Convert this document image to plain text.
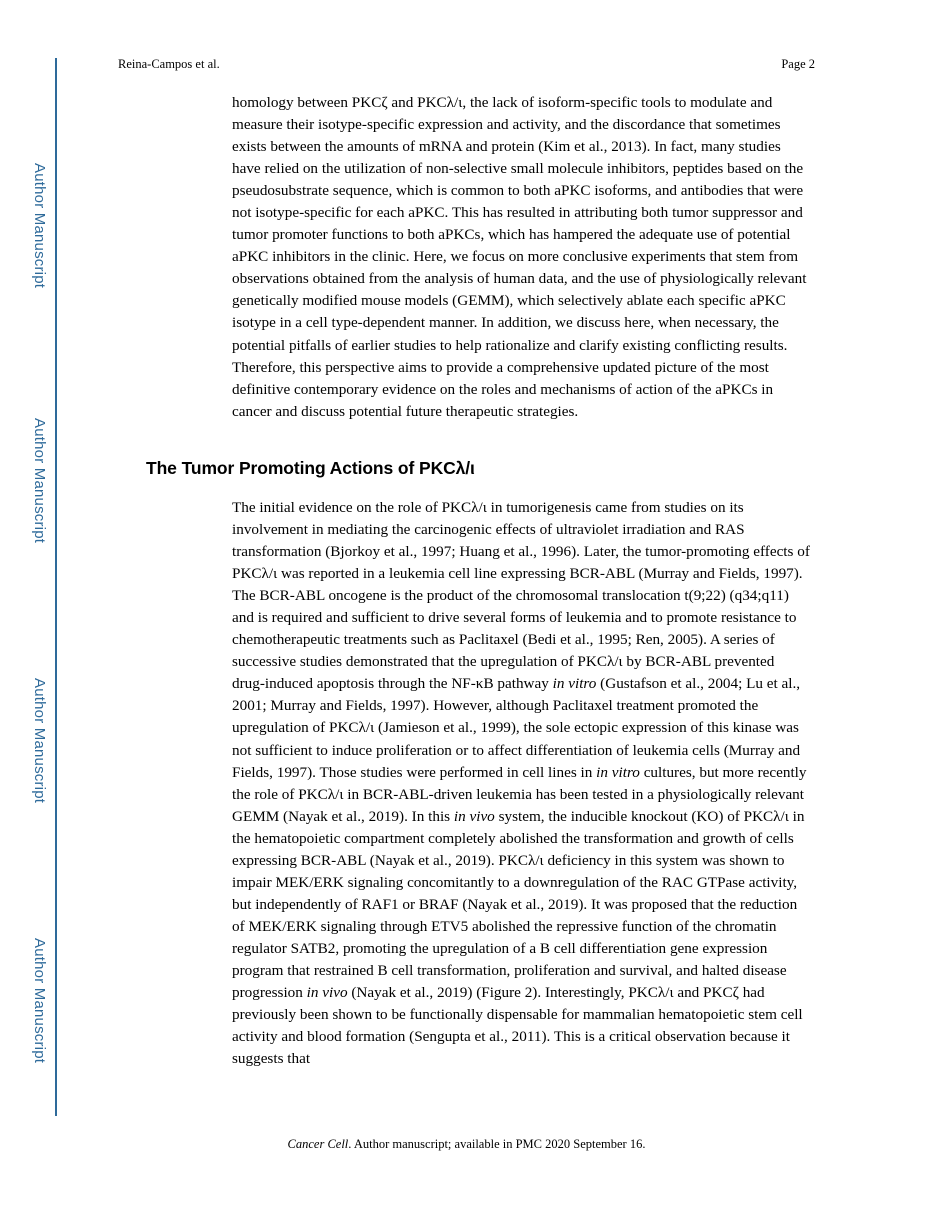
Author Manuscript
Author Manuscript
Author Manuscript
Author Manuscript
Reina-Campos et al.	Page 2

homology between PKCζ and PKCλ/ι, the lack of isoform-specific tools to modulate and measure their isotype-specific expression and activity, and the discordance that sometimes exists between the amounts of mRNA and protein (Kim et al., 2013). In fact, many studies have relied on the utilization of non-selective small molecule inhibitors, peptides based on the pseudosubstrate sequence, which is common to both aPKC isoforms, and antibodies that were not isotype-specific for each aPKC. This has resulted in attributing both tumor suppressor and tumor promoter functions to both aPKCs, which has hampered the adequate use of potential aPKC inhibitors in the clinic. Here, we focus on more conclusive experiments that stem from observations obtained from the analysis of human data, and the use of physiologically relevant genetically modified mouse models (GEMM), which selectively ablate each specific aPKC isotype in a cell type-dependent manner. In addition, we discuss here, when necessary, the potential pitfalls of earlier studies to help rationalize and clarify existing conflicting results. Therefore, this perspective aims to provide a comprehensive updated picture of the most definitive contemporary evidence on the roles and mechanisms of action of the aPKCs in cancer and discuss potential future therapeutic strategies.

The Tumor Promoting Actions of PKCλ/ι

The initial evidence on the role of PKCλ/ι in tumorigenesis came from studies on its involvement in mediating the carcinogenic effects of ultraviolet irradiation and RAS transformation (Bjorkoy et al., 1997; Huang et al., 1996). Later, the tumor-promoting effects of PKCλ/ι was reported in a leukemia cell line expressing BCR-ABL (Murray and Fields, 1997). The BCR-ABL oncogene is the product of the chromosomal translocation t(9;22) (q34;q11) and is required and sufficient to drive several forms of leukemia and to promote resistance to chemotherapeutic treatments such as Paclitaxel (Bedi et al., 1995; Ren, 2005). A series of successive studies demonstrated that the upregulation of PKCλ/ι by BCR-ABL prevented drug-induced apoptosis through the NF-κB pathway in vitro (Gustafson et al., 2004; Lu et al., 2001; Murray and Fields, 1997). However, although Paclitaxel treatment promoted the upregulation of PKCλ/ι (Jamieson et al., 1999), the sole ectopic expression of this kinase was not sufficient to induce proliferation or to affect differentiation of leukemia cells (Murray and Fields, 1997). Those studies were performed in cell lines in in vitro cultures, but more recently the role of PKCλ/ι in BCR-ABL-driven leukemia has been tested in a physiologically relevant GEMM (Nayak et al., 2019). In this in vivo system, the inducible knockout (KO) of PKCλ/ι in the hematopoietic compartment completely abolished the transformation and growth of cells expressing BCR-ABL (Nayak et al., 2019). PKCλ/ι deficiency in this system was shown to impair MEK/ERK signaling concomitantly to a downregulation of the RAC GTPase activity, but independently of RAF1 or BRAF (Nayak et al., 2019). It was proposed that the reduction of MEK/ERK signaling through ETV5 abolished the repressive function of the chromatin regulator SATB2, promoting the upregulation of a B cell differentiation gene expression program that restrained B cell transformation, proliferation and survival, and halted disease progression in vivo (Nayak et al., 2019) (Figure 2). Interestingly, PKCλ/ι and PKCζ had previously been shown to be functionally dispensable for mammalian hematopoietic stem cell activity and blood formation (Sengupta et al., 2011). This is a critical observation because it suggests that

Cancer Cell. Author manuscript; available in PMC 2020 September 16.
